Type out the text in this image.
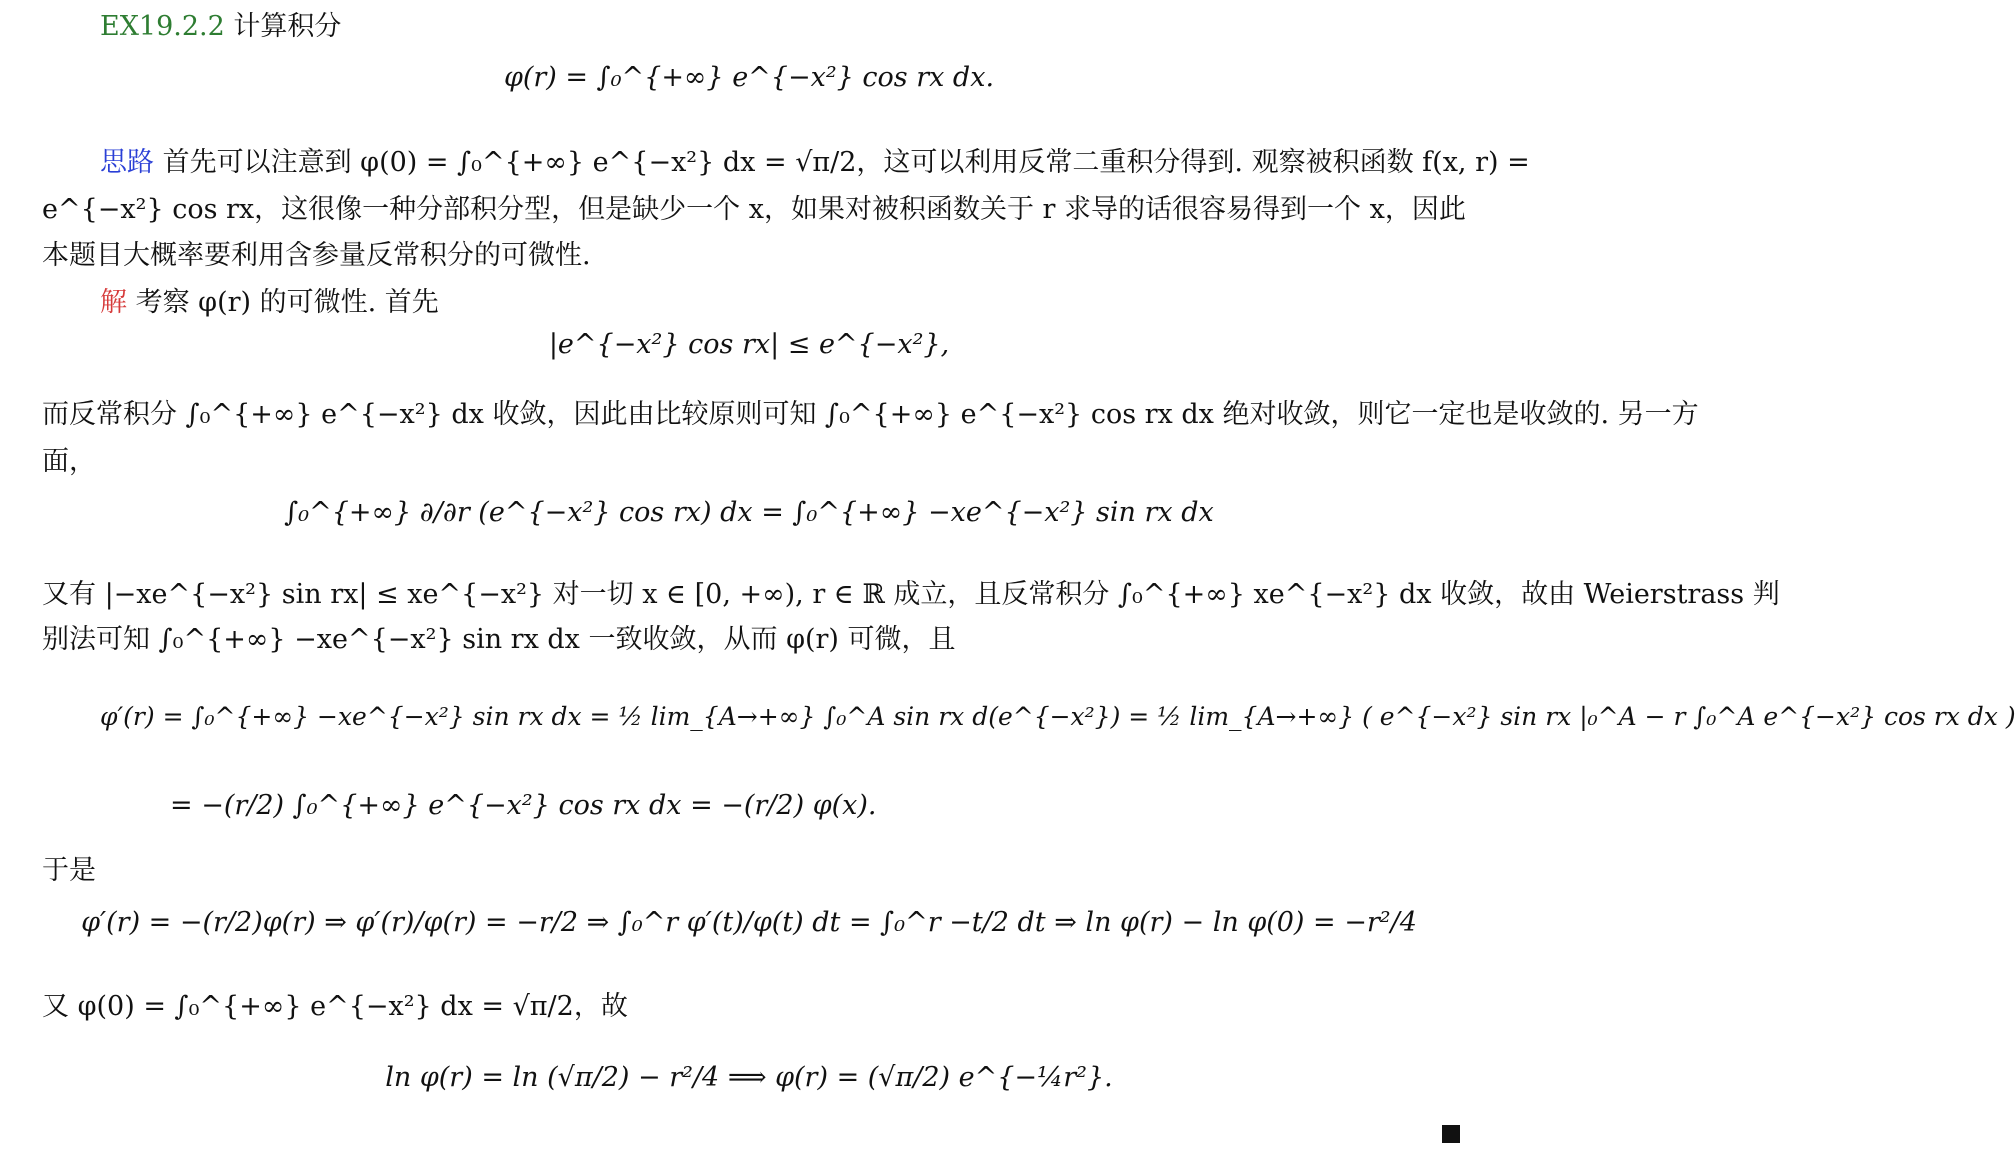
EX19.2.2 计算积分
φ(r) = ∫₀^{+∞} e^{−x²} cos rx dx.
思路 首先可以注意到 φ(0) = ∫₀^{+∞} e^{−x²} dx = √π/2，这可以利用反常二重积分得到. 观察被积函数 f(x, r) =
e^{−x²} cos rx，这很像一种分部积分型，但是缺少一个 x，如果对被积函数关于 r 求导的话很容易得到一个 x，因此
本题目大概率要利用含参量反常积分的可微性.
解 考察 φ(r) 的可微性. 首先
|e^{−x²} cos rx| ≤ e^{−x²},
而反常积分 ∫₀^{+∞} e^{−x²} dx 收敛，因此由比较原则可知 ∫₀^{+∞} e^{−x²} cos rx dx 绝对收敛，则它一定也是收敛的. 另一方
面，
∫₀^{+∞} ∂/∂r (e^{−x²} cos rx) dx = ∫₀^{+∞} −xe^{−x²} sin rx dx
又有 |−xe^{−x²} sin rx| ≤ xe^{−x²} 对一切 x ∈ [0, +∞), r ∈ ℝ 成立，且反常积分 ∫₀^{+∞} xe^{−x²} dx 收敛，故由 Weierstrass 判
别法可知 ∫₀^{+∞} −xe^{−x²} sin rx dx 一致收敛，从而 φ(r) 可微，且
φ′(r) = ∫₀^{+∞} −xe^{−x²} sin rx dx = ½ lim_{A→+∞} ∫₀^A sin rx d(e^{−x²}) = ½ lim_{A→+∞} ( e^{−x²} sin rx |₀^A − r ∫₀^A e^{−x²} cos rx dx )
= −(r/2) ∫₀^{+∞} e^{−x²} cos rx dx = −(r/2) φ(x).
于是
φ′(r) = −(r/2)φ(r) ⇒ φ′(r)/φ(r) = −r/2 ⇒ ∫₀^r φ′(t)/φ(t) dt = ∫₀^r −t/2 dt ⇒ ln φ(r) − ln φ(0) = −r²/4
又 φ(0) = ∫₀^{+∞} e^{−x²} dx = √π/2，故
ln φ(r) = ln (√π/2) − r²/4 ⟹ φ(r) = (√π/2) e^{−¼r²}.
